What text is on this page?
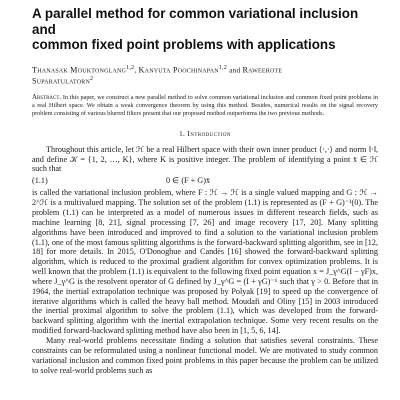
A parallel method for common variational inclusion and
common fixed point problems with applications
Thanasak Mouktonglang$^{1,2}$, Kanyuta Poochinapan$^{1,2}$ and Raweerote
Suparatulatorn$^2$
Abstract. In this paper, we construct a new parallel method to solve common variational inclusion and common fixed point problems in a real Hilbert space. We obtain a weak convergence theorem by using this method. Besides, numerical results on the signal recovery problem consisting of various blurred filters present that our proposed method outperforms the two previous methods.
1. Introduction

Throughout this article, let ℋ be a real Hilbert space with their own inner product ⟨·,·⟩ and norm ‖·‖, and define 𝒦 = {1, 2, …, K}, where K is positive integer. The problem of identifying a point x̄ ∈ ℋ such that

(1.1)	0 ∈ (F + G)x̄

is called the variational inclusion problem, where F : ℋ → ℋ is a single valued mapping and G : ℋ → 2^ℋ is a multivalued mapping. The solution set of the problem (1.1) is represented as (F + G)⁻¹(0). The problem (1.1) can be interpreted as a model of numerous issues in different research fields, such as machine learning [8, 21], signal processing [7, 26] and image recovery [17, 20]. Many splitting algorithms have been introduced and improved to find a solution to the variational inclusion problem (1.1), one of the most famous splitting algorithms is the forward-backward splitting algorithm, see in [12, 18] for more details. In 2015, O'Donoghue and Candès [16] showed the forward-backward splitting algorithm, which is reduced to the proximal gradient algorithm for convex optimization problems. It is well known that the problem (1.1) is equivalent to the following fixed point equation x = J_γ^G(I − γF)x, where J_γ^G is the resolvent operator of G defined by J_γ^G = (I + γG)⁻¹ such that γ > 0. Before that in 1964, the inertial extrapolation technique was proposed by Polyak [19] to speed up the convergence of iterative algorithms which is called the heavy ball method. Moudafi and Oliny [15] in 2003 introduced the inertial proximal algorithm to solve the problem (1.1), which was developed from the forward-backward splitting algorithm with the inertial extrapolation technique. Some very recent results on the modified forward-backward splitting method have also been in [1, 5, 6, 14].

Many real-world problems necessitate finding a solution that satisfies several constraints. These constraints can be reformulated using a nonlinear functional model. We are motivated to study common variational inclusion and common fixed point problems in this paper because the problem can be utilized to solve real-world problems such as
